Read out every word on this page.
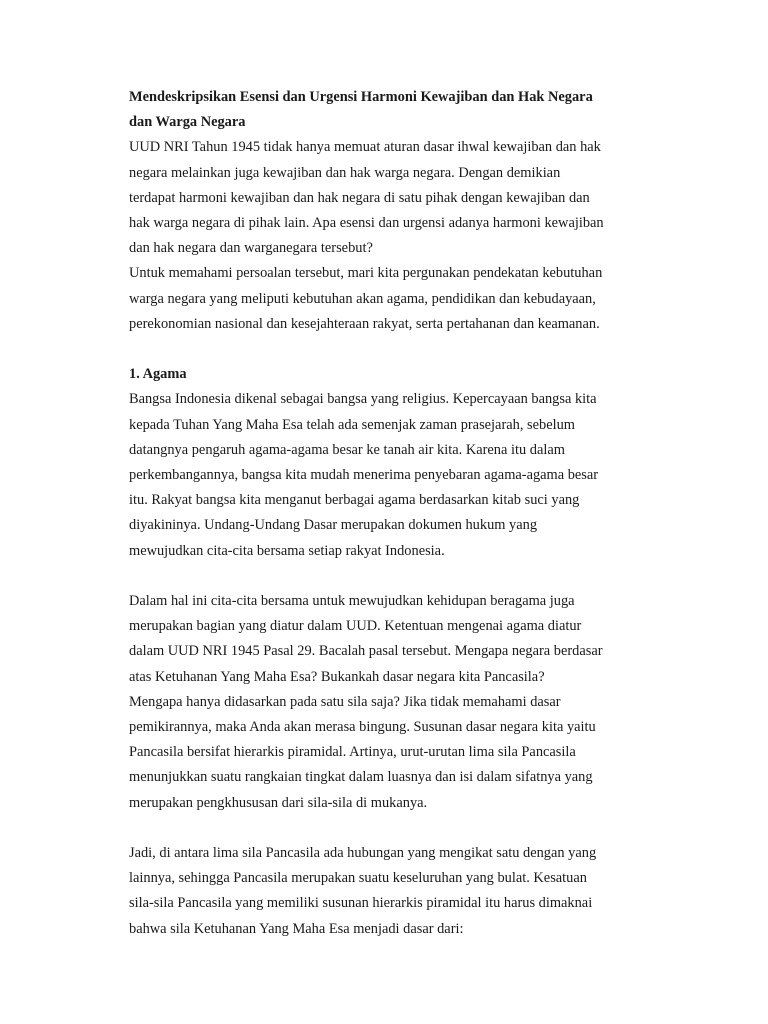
Mendeskripsikan Esensi dan Urgensi Harmoni Kewajiban dan Hak Negara

dan Warga Negara

UUD NRI Tahun 1945 tidak hanya memuat aturan dasar ihwal kewajiban dan hak

negara melainkan juga kewajiban dan hak warga negara. Dengan demikian

terdapat harmoni kewajiban dan hak negara di satu pihak dengan kewajiban dan

hak warga negara di pihak lain. Apa esensi dan urgensi adanya harmoni kewajiban

dan hak negara dan warganegara tersebut?

Untuk memahami persoalan tersebut, mari kita pergunakan pendekatan kebutuhan

warga negara yang meliputi kebutuhan akan agama, pendidikan dan kebudayaan,

perekonomian nasional dan kesejahteraan rakyat, serta pertahanan dan keamanan.

1. Agama

Bangsa Indonesia dikenal sebagai bangsa yang religius. Kepercayaan bangsa kita

kepada Tuhan Yang Maha Esa telah ada semenjak zaman prasejarah, sebelum

datangnya pengaruh agama-agama besar ke tanah air kita. Karena itu dalam

perkembangannya, bangsa kita mudah menerima penyebaran agama-agama besar

itu. Rakyat bangsa kita menganut berbagai agama berdasarkan kitab suci yang

diyakininya. Undang-Undang Dasar merupakan dokumen hukum yang

mewujudkan cita-cita bersama setiap rakyat Indonesia.

Dalam hal ini cita-cita bersama untuk mewujudkan kehidupan beragama juga

merupakan bagian yang diatur dalam UUD. Ketentuan mengenai agama diatur

dalam UUD NRI 1945 Pasal 29. Bacalah pasal tersebut. Mengapa negara berdasar

atas Ketuhanan Yang Maha Esa? Bukankah dasar negara kita Pancasila?

Mengapa hanya didasarkan pada satu sila saja? Jika tidak memahami dasar

pemikirannya, maka Anda akan merasa bingung. Susunan dasar negara kita yaitu

Pancasila bersifat hierarkis piramidal. Artinya, urut-urutan lima sila Pancasila

menunjukkan suatu rangkaian tingkat dalam luasnya dan isi dalam sifatnya yang

merupakan pengkhususan dari sila-sila di mukanya.

Jadi, di antara lima sila Pancasila ada hubungan yang mengikat satu dengan yang

lainnya, sehingga Pancasila merupakan suatu keseluruhan yang bulat. Kesatuan

sila-sila Pancasila yang memiliki susunan hierarkis piramidal itu harus dimaknai

bahwa sila Ketuhanan Yang Maha Esa menjadi dasar dari:
